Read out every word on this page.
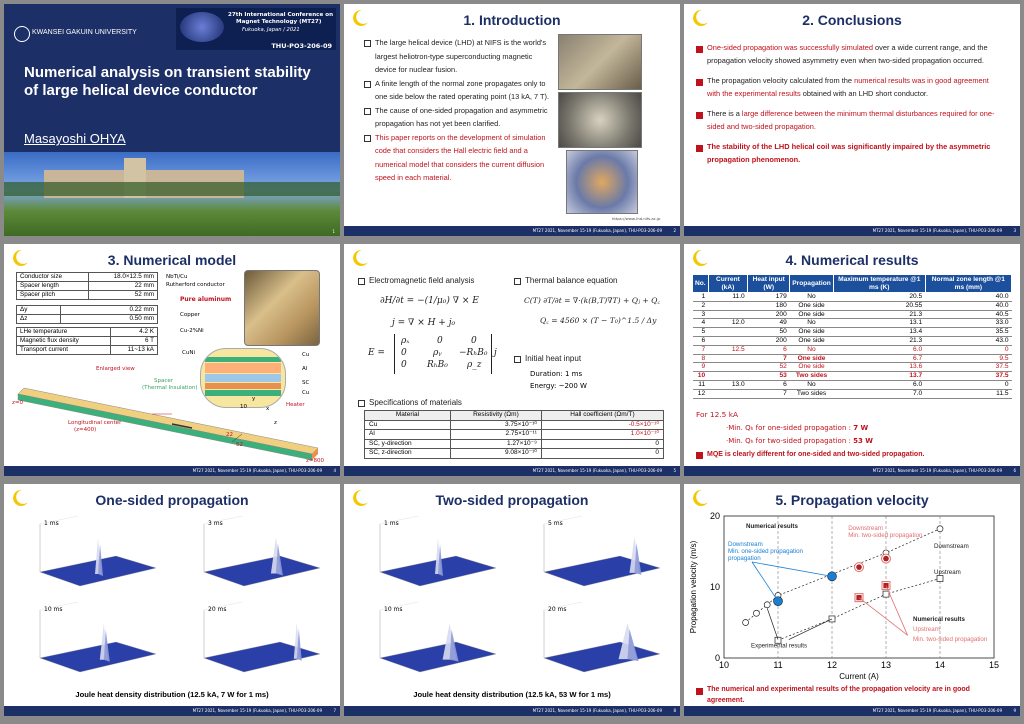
KWANSEI GAKUIN UNIVERSITY
27th International Conference on
Magnet Technology (MT27)
Fukuoka, Japan / 2021
THU-PO3-206-09
Numerical analysis on transient stability of large helical device conductor
Masayoshi OHYA
1
1. Introduction
The large helical device (LHD) at NIFS is the world's largest heliotron-type superconducting magnetic device for nuclear fusion.
A finite length of the normal zone propagates only to one side below the rated operating point (13 kA, 7 T).
The cause of one-sided propagation and asymmetric propagation has not yet been clarified.
This paper reports on the development of simulation code that considers the Hall electric field and a numerical model that considers the current diffusion speed in each material.
https://www-lhd.nifs.ac.jp
MT27 2021, November 15-19 (Fukuoka, Japan), THU-PO3-206-09	2
2. Conclusions
One-sided propagation was successfully simulated over a wide current range, and the propagation velocity showed asymmetry even when two-sided propagation occurred.
The propagation velocity calculated from the numerical results was in good agreement with the experimental results obtained with an LHD short conductor.
There is a large difference between the minimum thermal disturbances required for one-sided and two-sided propagation.
The stability of the LHD helical coil was significantly impaired by the asymmetric propagation phenomenon.
MT27 2021, November 15-19 (Fukuoka, Japan), THU-PO3-206-09	3
3. Numerical model
Conductor size	18.0×12.5 mm
Spacer length	22 mm
Spacer pitch	52 mm
Δy	0.22 mm
Δz	0.50 mm
LHe temperature	4.2 K
Magnetic flux density	6 T
Transport current	11~13 kA
NbTi/Cu
Rutherford conductor
Pure aluminum
Copper
Cu-2%Ni
CuNi
Enlarged view
Spacer
(Thermal Insulation)
Cu
Al
SC
Cu
Heater
z=0
Longitudinal center
(z=400)
z=800
10
22
52
x
y
z
MT27 2021, November 15-19 (Fukuoka, Japan), THU-PO3-206-09	4
Electromagnetic field analysis	Thermal balance equation
∂H/∂t = −(1/μ₀) ∇ × E
j = ∇ × H + j₀
C(T) ∂T/∂t = ∇·(k(B,T)∇T) + Qⱼ + Q꜀
Q꜀ = 4560 × (T − T₀)^1.5 / Δy
E =
ρₓ	0	0
0	ρᵧ −RₕB₀
0 RₕB₀ ρ_z
j
Initial heat input
Duration: 1 ms
Energy: ~200 W
Specifications of materials
Material	Resistivity (Ωm)	Hall coefficient (Ωm/T)
Cu	3.75×10⁻¹⁰	-0.5×10⁻¹⁰
Al	2.75×10⁻¹¹	1.0×10⁻¹⁰
SC, y-direction	1.27×10⁻⁹	0
SC, z-direction	9.08×10⁻¹⁰	0
MT27 2021, November 15-19 (Fukuoka, Japan), THU-PO3-206-09	5
4. Numerical results
No.	Current (kA)	Heat input (W)	Propagation	Maximum temperature @1 ms (K)	Normal zone length @1 ms (mm)
1	11.0	179	No	20.5	40.0
2		180	One side	20.55	40.0
3		200	One side	21.3	40.5
4	12.0	49	No	13.1	33.0
5		50	One side	13.4	35.5
6		200	One side	21.3	43.0
7	12.5	6	No	6.0	0
8		7	One side	6.7	9.5
9		52	One side	13.6	37.5
10		53	Two sides	13.7	37.5
11	13.0	6	No	6.0	0
12		7	Two sides	7.0	11.5
For 12.5 kA
·Min. Qₕ for one-sided propagation : 7 W
·Min. Qₕ for two-sided propagation : 53 W
MQE is clearly different for one-sided and two-sided propagation.
MT27 2021, November 15-19 (Fukuoka, Japan), THU-PO3-206-09	6
One-sided propagation
1 ms	3 ms
10 ms	20 ms
Joule heat density distribution (12.5 kA, 7 W for 1 ms)
MT27 2021, November 15-19 (Fukuoka, Japan), THU-PO3-206-09	7
Two-sided propagation
1 ms	5 ms
10 ms	20 ms
Joule heat density distribution (12.5 kA, 53 W for 1 ms)
MT27 2021, November 15-19 (Fukuoka, Japan), THU-PO3-206-09	8
5. Propagation velocity
10	11	12	13	14	15
0
10
20
Current (A)
Propagation velocity (m/s)
Numerical results
Downstream
Min. one-sided propagation
propagation
Downstream
Min. two-sided propagation
Downstream
Upstream
Numerical results
Upstream
Min. two-sided propagation
Experimental results
The numerical and experimental results of the propagation velocity are in good agreement.
MT27 2021, November 15-19 (Fukuoka, Japan), THU-PO3-206-09	9
